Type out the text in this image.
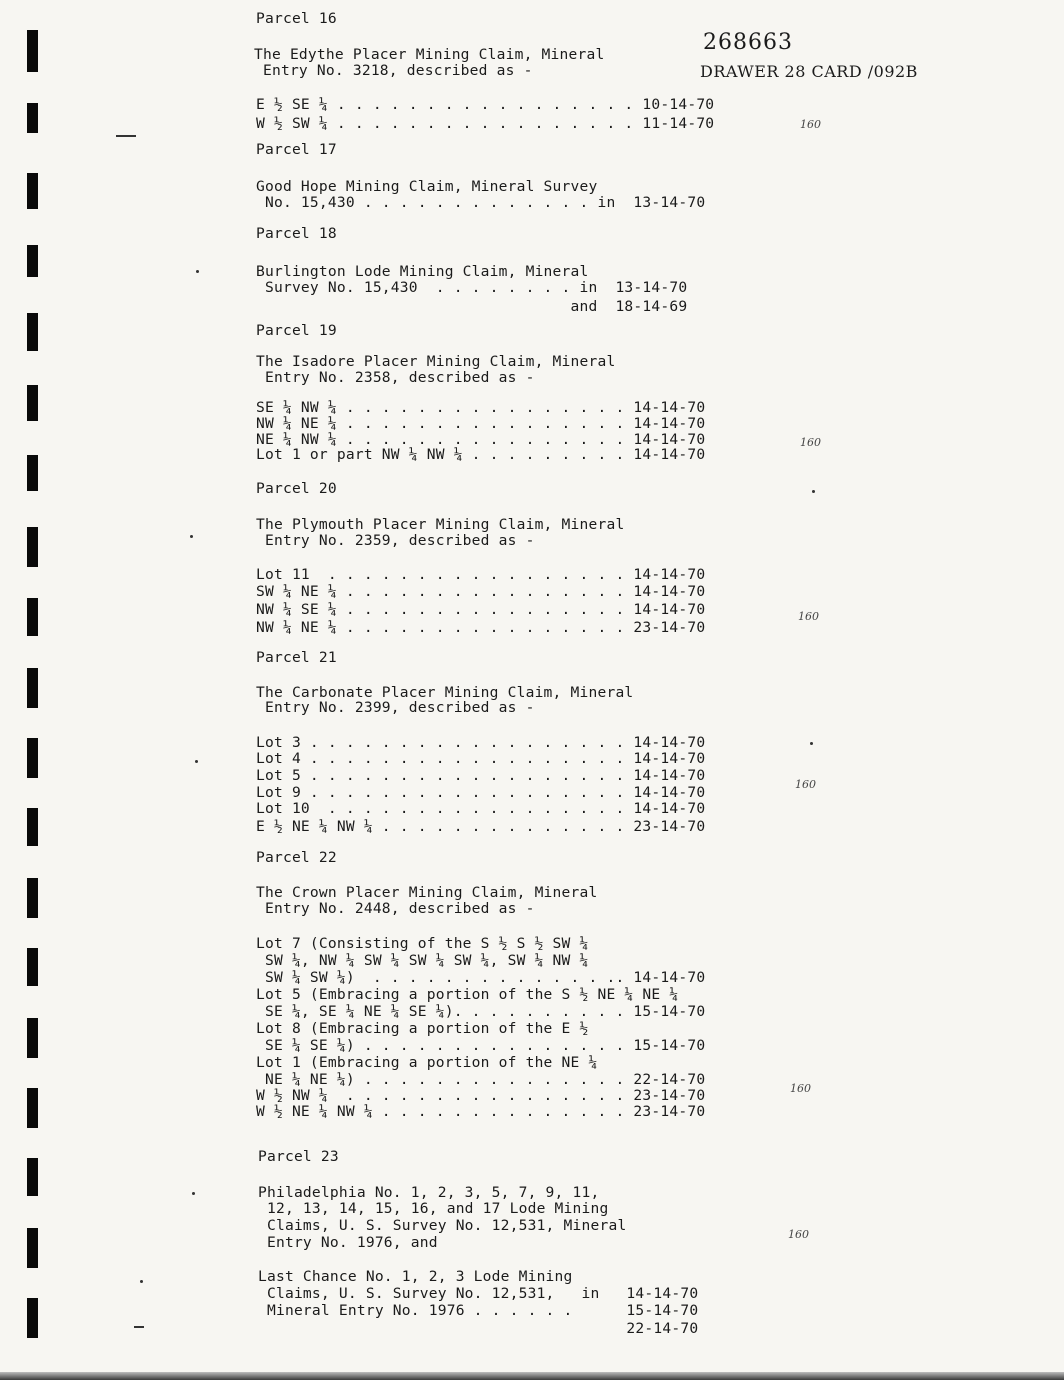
268663
DRAWER 28 CARD /092B
Parcel 16
The Edythe Placer Mining Claim, Mineral
Entry No. 3218, described as -
E ½ SE ¼ . . . . . . . . . . . . . . . . . 10-14-70
W ½ SW ¼ . . . . . . . . . . . . . . . . . 11-14-70
Parcel 17
Good Hope Mining Claim, Mineral Survey
No. 15,430 . . . . . . . . . . . . . in  13-14-70
Parcel 18
Burlington Lode Mining Claim, Mineral
Survey No. 15,430  . . . . . . . . in  13-14-70
and  18-14-69
Parcel 19
The Isadore Placer Mining Claim, Mineral
Entry No. 2358, described as -
SE ¼ NW ¼ . . . . . . . . . . . . . . . . 14-14-70
NW ¼ NE ¼ . . . . . . . . . . . . . . . . 14-14-70
NE ¼ NW ¼ . . . . . . . . . . . . . . . . 14-14-70
Lot 1 or part NW ¼ NW ¼ . . . . . . . . . 14-14-70
Parcel 20
The Plymouth Placer Mining Claim, Mineral
Entry No. 2359, described as -
Lot 11  . . . . . . . . . . . . . . . . . 14-14-70
SW ¼ NE ¼ . . . . . . . . . . . . . . . . 14-14-70
NW ¼ SE ¼ . . . . . . . . . . . . . . . . 14-14-70
NW ¼ NE ¼ . . . . . . . . . . . . . . . . 23-14-70
Parcel 21
The Carbonate Placer Mining Claim, Mineral
Entry No. 2399, described as -
Lot 3 . . . . . . . . . . . . . . . . . . 14-14-70
Lot 4 . . . . . . . . . . . . . . . . . . 14-14-70
Lot 5 . . . . . . . . . . . . . . . . . . 14-14-70
Lot 9 . . . . . . . . . . . . . . . . . . 14-14-70
Lot 10  . . . . . . . . . . . . . . . . . 14-14-70
E ½ NE ¼ NW ¼ . . . . . . . . . . . . . . 23-14-70
Parcel 22
The Crown Placer Mining Claim, Mineral
Entry No. 2448, described as -
Lot 7 (Consisting of the S ½ S ½ SW ¼
SW ¼, NW ¼ SW ¼ SW ¼ SW ¼, SW ¼ NW ¼
SW ¼ SW ¼)  . . . . . . . . . . . . . .. 14-14-70
Lot 5 (Embracing a portion of the S ½ NE ¼ NE ¼
SE ¼, SE ¼ NE ¼ SE ¼). . . . . . . . . . 15-14-70
Lot 8 (Embracing a portion of the E ½
SE ¼ SE ¼) . . . . . . . . . . . . . . . 15-14-70
Lot 1 (Embracing a portion of the NE ¼
NE ¼ NE ¼) . . . . . . . . . . . . . . . 22-14-70
W ½ NW ¼  . . . . . . . . . . . . . . . . 23-14-70
W ½ NE ¼ NW ¼ . . . . . . . . . . . . . . 23-14-70
Parcel 23
Philadelphia No. 1, 2, 3, 5, 7, 9, 11,
12, 13, 14, 15, 16, and 17 Lode Mining
Claims, U. S. Survey No. 12,531, Mineral
Entry No. 1976, and
Last Chance No. 1, 2, 3 Lode Mining
Claims, U. S. Survey No. 12,531,   in   14-14-70
Mineral Entry No. 1976 . . . . . .      15-14-70
22-14-70
160
160
160
160
160
160
